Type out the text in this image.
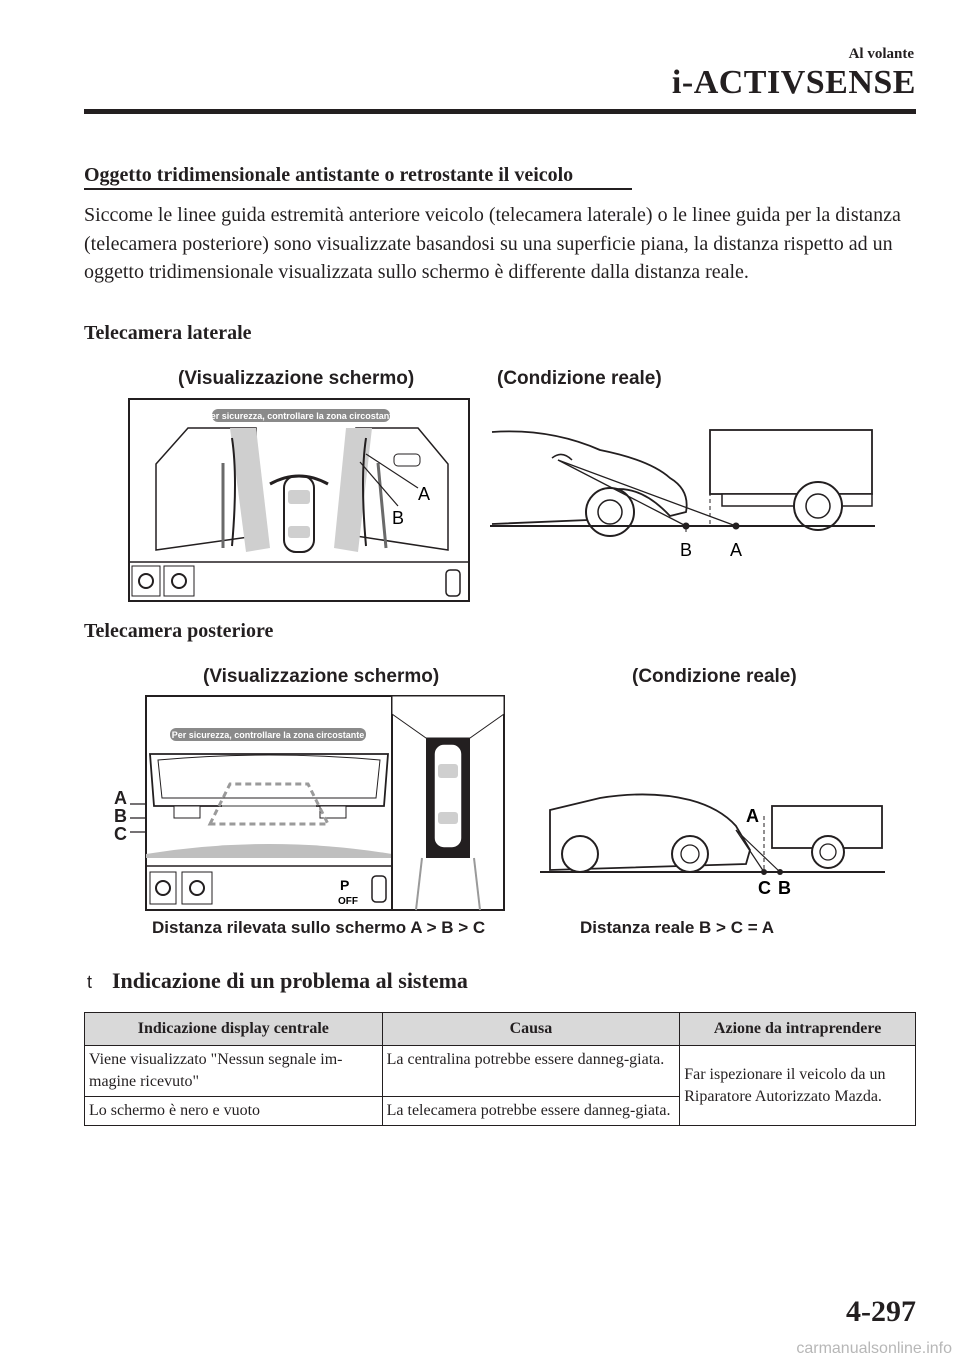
Al volante
i-ACTIVSENSE
Oggetto tridimensionale antistante o retrostante il veicolo
Siccome le linee guida estremità anteriore veicolo (telecamera laterale) o le linee guida per la distanza (telecamera posteriore) sono visualizzate basandosi su una superficie piana, la distanza rispetto ad un oggetto tridimensionale visualizzata sullo schermo è differente dalla distanza reale.
Telecamera laterale
(Visualizzazione schermo)	(Condizione reale)
Per sicurezza, controllare la zona circostante
A
B
B A
Telecamera posteriore
(Visualizzazione schermo)	(Condizione reale)
A
B
C
Per sicurezza, controllare la zona circostante
P
OFF
A
C B
Distanza rilevata sullo schermo A > B > C	Distanza reale B > C = A
t Indicazione di un problema al sistema
Indicazione display centrale	Causa	Azione da intraprendere
Viene visualizzato "Nessun segnale im-magine ricevuto"	La centralina potrebbe essere danneg-giata.	Far ispezionare il veicolo da un Riparatore Autorizzato Mazda.
Lo schermo è nero e vuoto	La telecamera potrebbe essere danneg-giata.	
4-297
carmanualsonline.info
